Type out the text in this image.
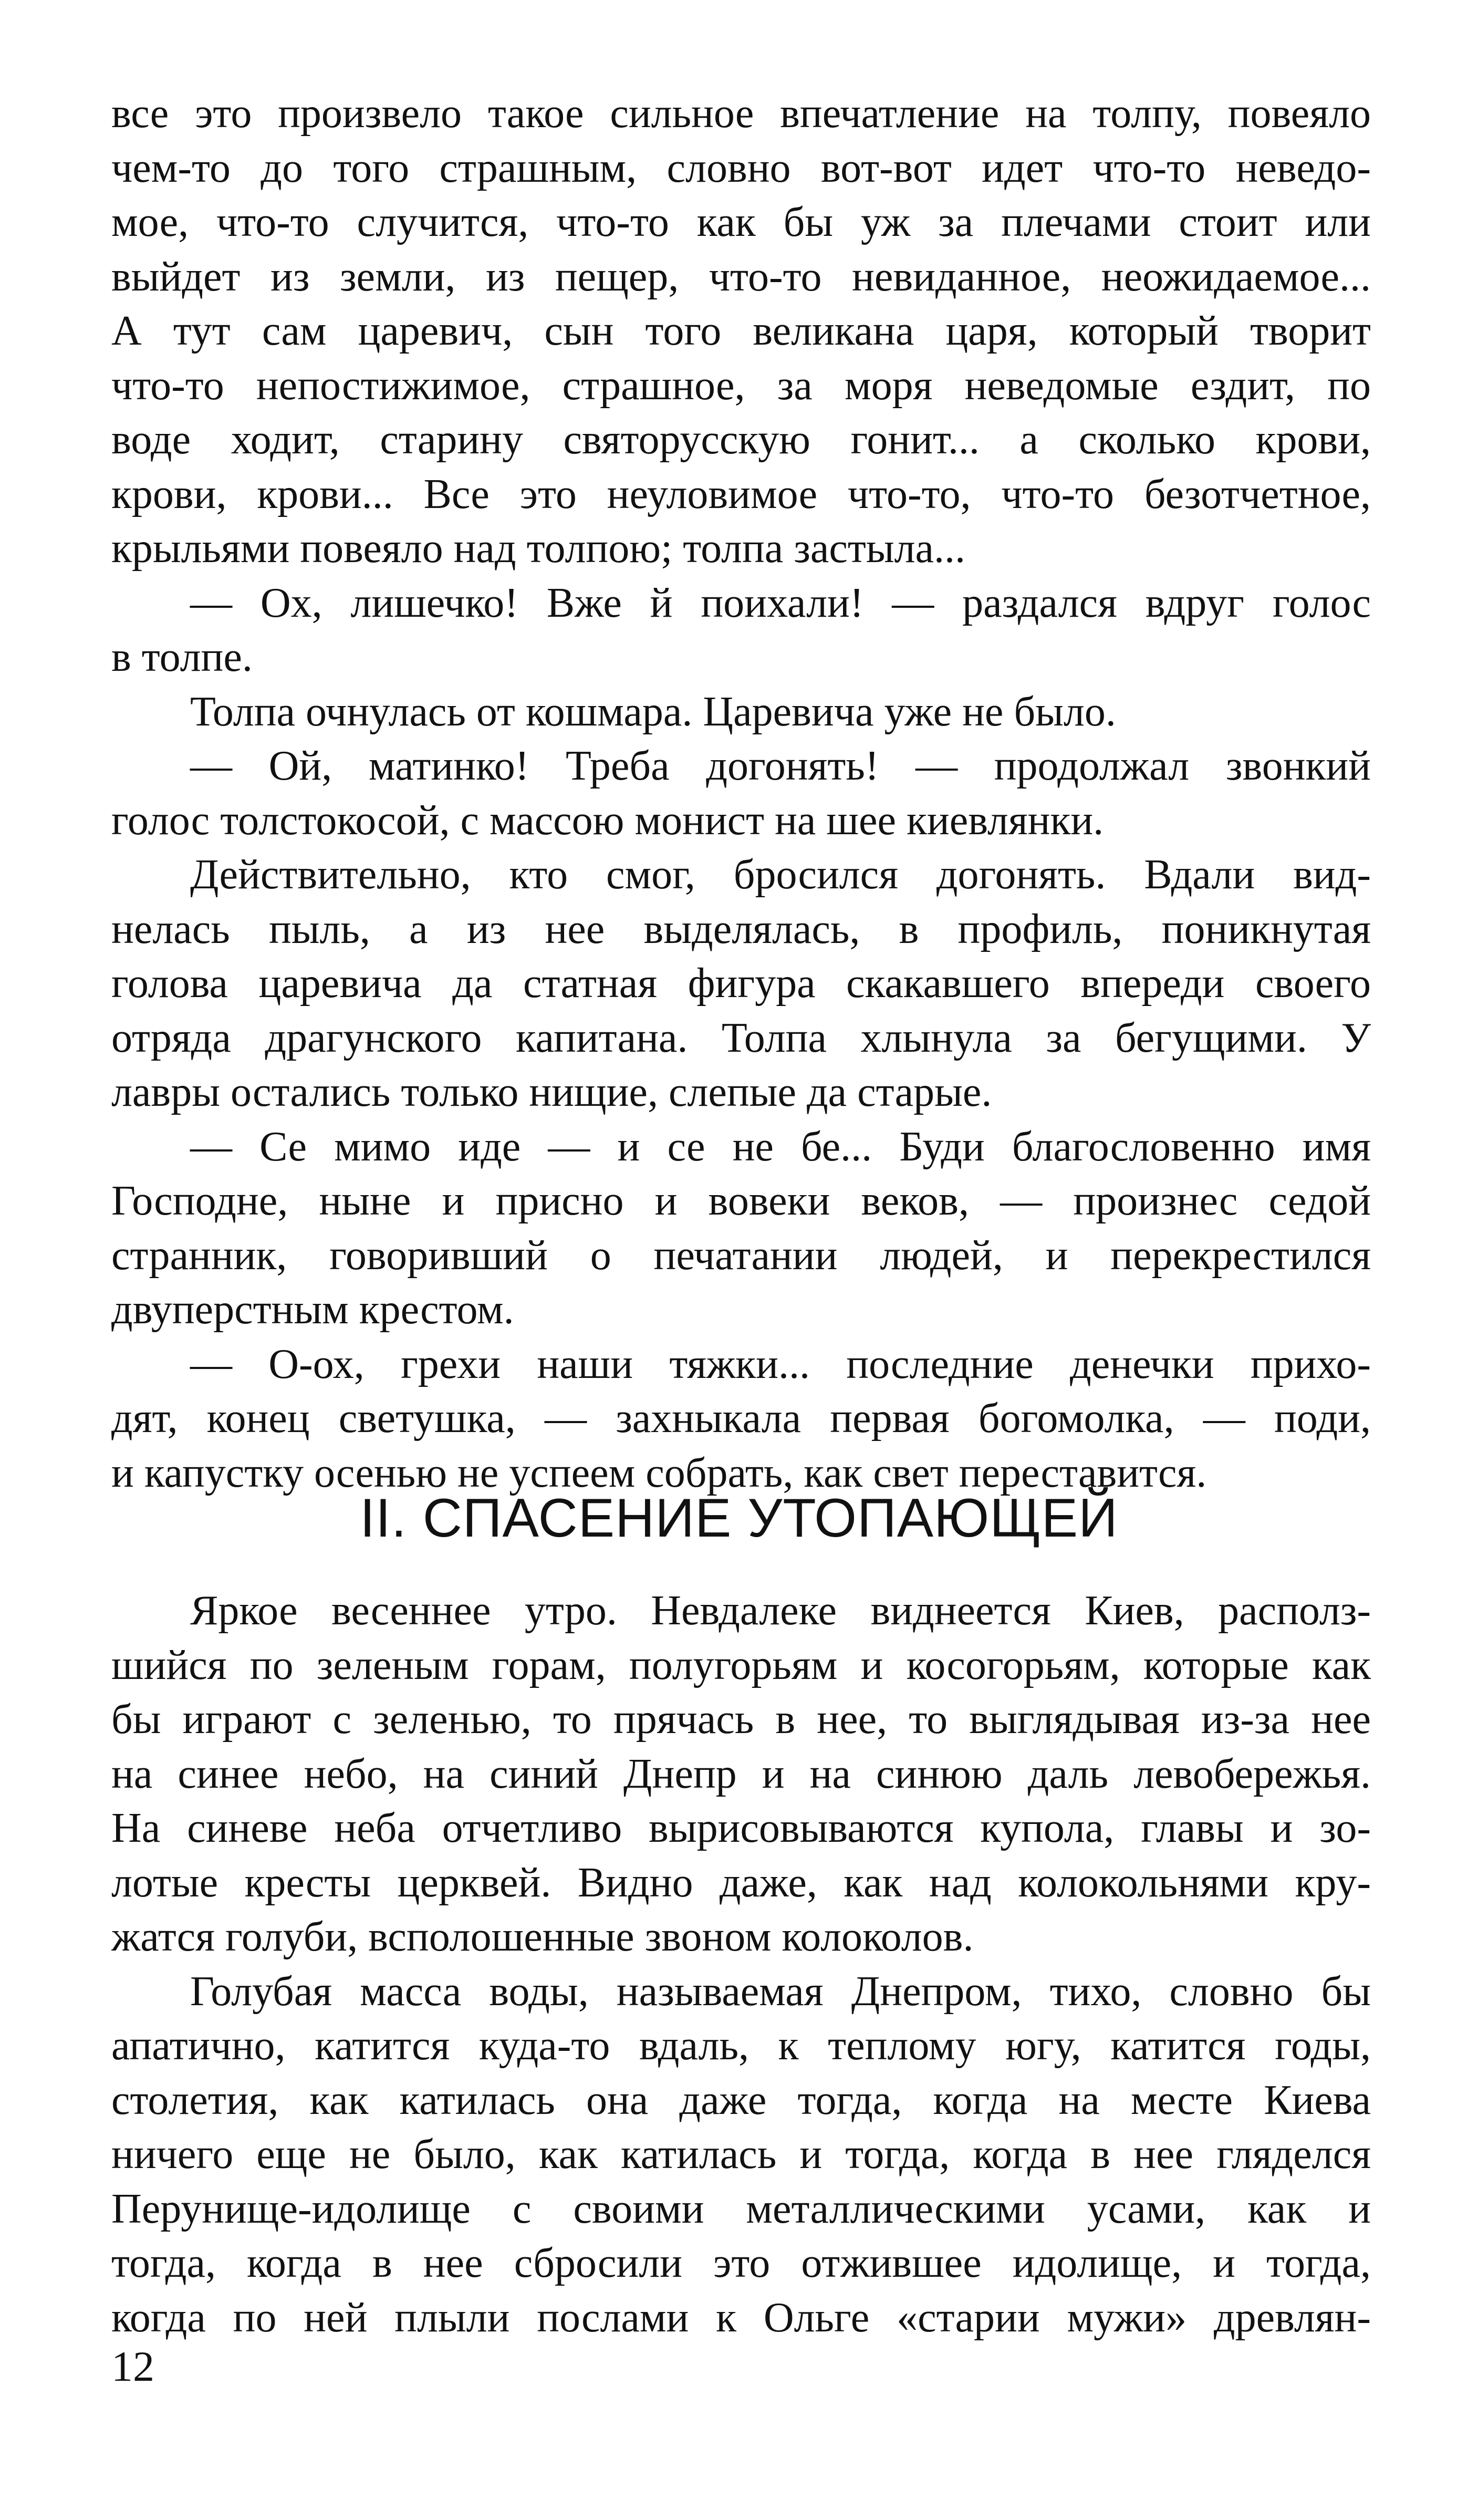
все это произвело такое сильное впечатление на толпу, повеяло
чем-то до того страшным, словно вот-вот идет что-то неведо-
мое, что-то случится, что-то как бы уж за плечами стоит или
выйдет из земли, из пещер, что-то невиданное, неожидаемое...
А тут сам царевич, сын того великана царя, который творит
что-то непостижимое, страшное, за моря неведомые ездит, по
воде ходит, старину святорусскую гонит... а сколько крови,
крови, крови... Все это неуловимое что-то, что-то безотчетное,
крыльями повеяло над толпою; толпа застыла...
— Ох, лишечко! Вже й поихали! — раздался вдруг голос
в толпе.
Толпа очнулась от кошмара. Царевича уже не было.
— Ой, матинко! Треба догонять! — продолжал звонкий
голос толстокосой, с массою монист на шее киевлянки.
Действительно, кто смог, бросился догонять. Вдали вид-
нелась пыль, а из нее выделялась, в профиль, поникнутая
голова царевича да статная фигура скакавшего впереди своего
отряда драгунского капитана. Толпа хлынула за бегущими. У
лавры остались только нищие, слепые да старые.
— Се мимо иде — и се не бе... Буди благословенно имя
Господне, ныне и присно и вовеки веков, — произнес седой
странник, говоривший о печатании людей, и перекрестился
двуперстным крестом.
— О-ох, грехи наши тяжки... последние денечки прихо-
дят, конец светушка, — захныкала первая богомолка, — поди,
и капустку осенью не успеем собрать, как свет переставится.
II. СПАСЕНИЕ УТОПАЮЩЕЙ
Яркое весеннее утро. Невдалеке виднеется Киев, располз-
шийся по зеленым горам, полугорьям и косогорьям, которые как
бы играют с зеленью, то прячась в нее, то выглядывая из-за нее
на синее небо, на синий Днепр и на синюю даль левобережья.
На синеве неба отчетливо вырисовываются купола, главы и зо-
лотые кресты церквей. Видно даже, как над колокольнями кру-
жатся голуби, всполошенные звоном колоколов.
Голубая масса воды, называемая Днепром, тихо, словно бы
апатично, катится куда-то вдаль, к теплому югу, катится годы,
столетия, как катилась она даже тогда, когда на месте Киева
ничего еще не было, как катилась и тогда, когда в нее гляделся
Перунище-идолище с своими металлическими усами, как и
тогда, когда в нее сбросили это отжившее идолище, и тогда,
когда по ней плыли послами к Ольге «старии мужи» древлян-
12
